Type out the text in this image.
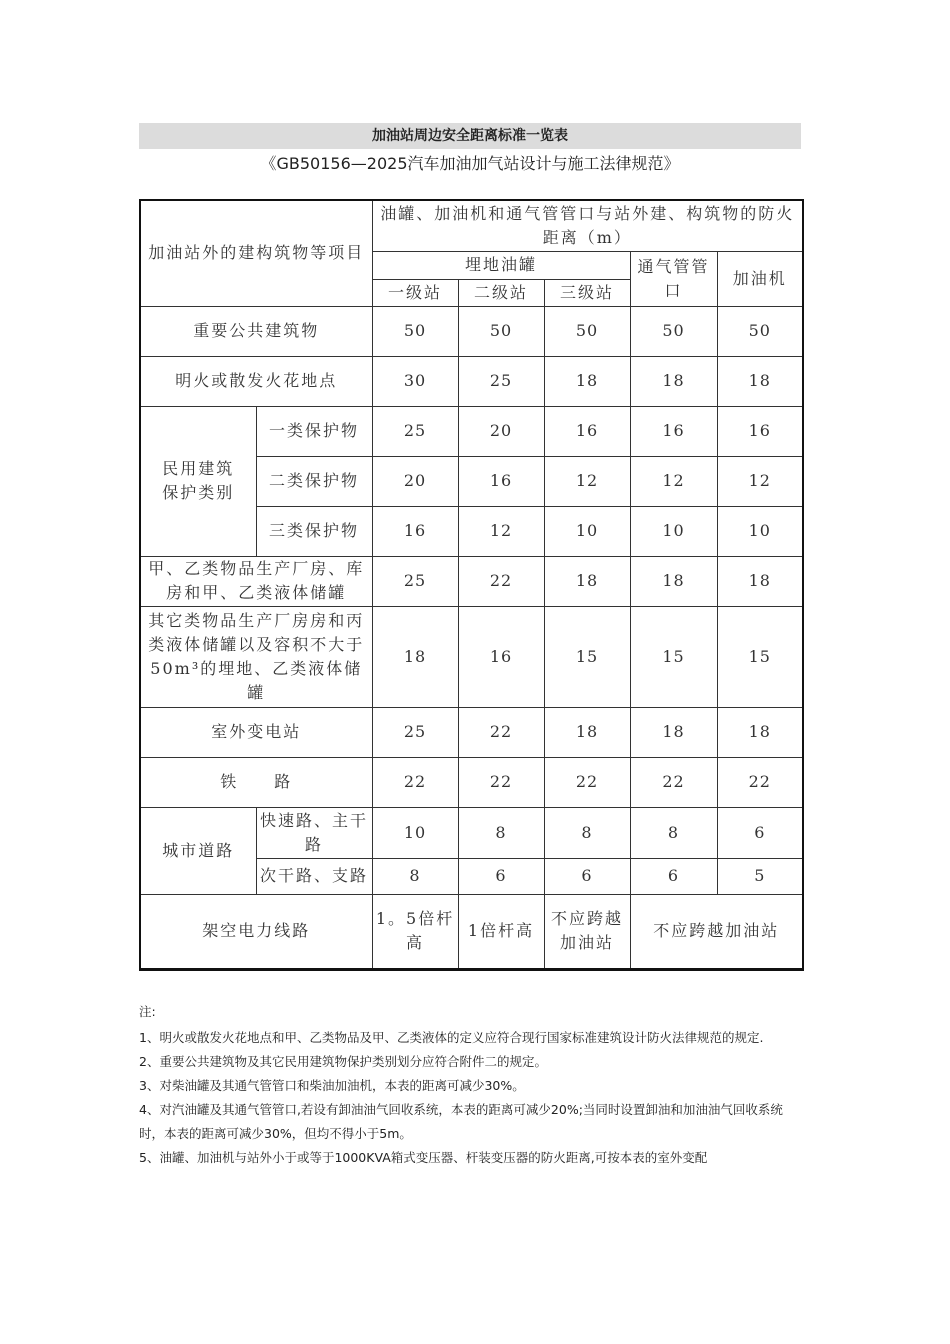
加油站周边安全距离标准一览表
《GB50156—2025汽车加油加气站设计与施工法律规范》
加油站外的建构筑物等项目		油罐、加油机和通气管管口与站外建、构筑物的防火距离（m）				
		埋地油罐			通气管管口	加油机
		一级站	二级站	三级站		
重要公共建筑物		50	50	50	50	50
明火或散发火花地点		30	25	18	18	18
民用建筑保护类别	一类保护物	25	20	16	16	16
	二类保护物	20	16	12	12	12
	三类保护物	16	12	10	10	10
甲、乙类物品生产厂房、库房和甲、乙类液体储罐		25	22	18	18	18
其它类物品生产厂房房和丙类液体储罐以及容积不大于50m³的埋地、乙类液体储罐		18	16	15	15	15
室外变电站		25	22	18	18	18
铁　　路		22	22	22	22	22
城市道路	快速路、主干路	10	8	8	8	6
	次干路、支路	8	6	6	6	5
架空电力线路		1。5倍杆高	1倍杆高	不应跨越加油站	不应跨越加油站	

注:

1、明火或散发火花地点和甲、乙类物品及甲、乙类液体的定义应符合现行国家标准建筑设计防火法律规范的规定.

2、重要公共建筑物及其它民用建筑物保护类别划分应符合附件二的规定。

3、对柴油罐及其通气管管口和柴油加油机，本表的距离可减少30%。

4、对汽油罐及其通气管管口,若设有卸油油气回收系统，本表的距离可减少20%;当同时设置卸油和加油油气回收系统时，本表的距离可减少30%，但均不得小于5m。

5、油罐、加油机与站外小于或等于1000KVA箱式变压器、杆装变压器的防火距离,可按本表的室外变配
